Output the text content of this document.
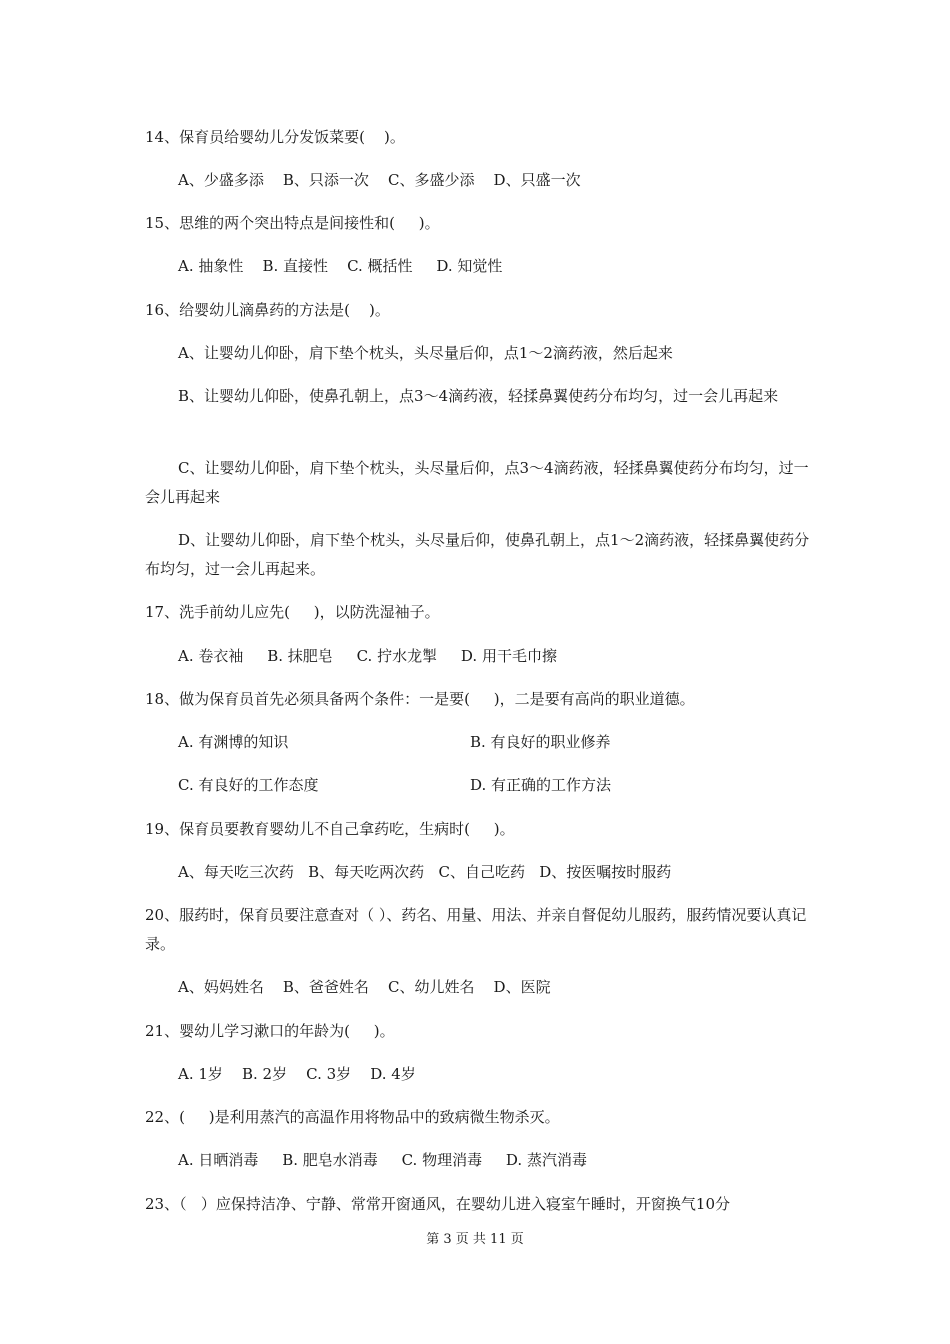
14、保育员给婴幼儿分发饭菜要(    )。
A、少盛多添    B、只添一次    C、多盛少添    D、只盛一次
15、思维的两个突出特点是间接性和(     )。
A. 抽象性    B. 直接性    C. 概括性     D. 知觉性
16、给婴幼儿滴鼻药的方法是(    )。
A、让婴幼儿仰卧，肩下垫个枕头，头尽量后仰，点1～2滴药液，然后起来
B、让婴幼儿仰卧，使鼻孔朝上，点3～4滴药液，轻揉鼻翼使药分布均匀，过一会儿再起来
C、让婴幼儿仰卧，肩下垫个枕头，头尽量后仰，点3～4滴药液，轻揉鼻翼使药分布均匀，过一会儿再起来
D、让婴幼儿仰卧，肩下垫个枕头，头尽量后仰，使鼻孔朝上，点1～2滴药液，轻揉鼻翼使药分布均匀，过一会儿再起来。
17、洗手前幼儿应先(     )，以防洗湿袖子。
A. 卷衣袖     B. 抹肥皂     C. 拧水龙掣     D. 用干毛巾擦
18、做为保育员首先必须具备两个条件：一是要(     )，二是要有高尚的职业道德。
A. 有渊博的知识	B. 有良好的职业修养
C. 有良好的工作态度	D. 有正确的工作方法
19、保育员要教育婴幼儿不自己拿药吃，生病时(     )。
A、每天吃三次药   B、每天吃两次药   C、自己吃药   D、按医嘱按时服药
20、服药时，保育员要注意查对（ ）、药名、用量、用法、并亲自督促幼儿服药，服药情况要认真记录。
A、妈妈姓名    B、爸爸姓名    C、幼儿姓名    D、医院
21、婴幼儿学习漱口的年龄为(     )。
A. 1岁    B. 2岁    C. 3岁    D. 4岁
22、(     )是利用蒸汽的高温作用将物品中的致病微生物杀灭。
A. 日晒消毒     B. 肥皂水消毒     C. 物理消毒     D. 蒸汽消毒
23、（   ）应保持洁净、宁静、常常开窗通风，在婴幼儿进入寝室午睡时，开窗换气10分
第 3 页 共 11 页
